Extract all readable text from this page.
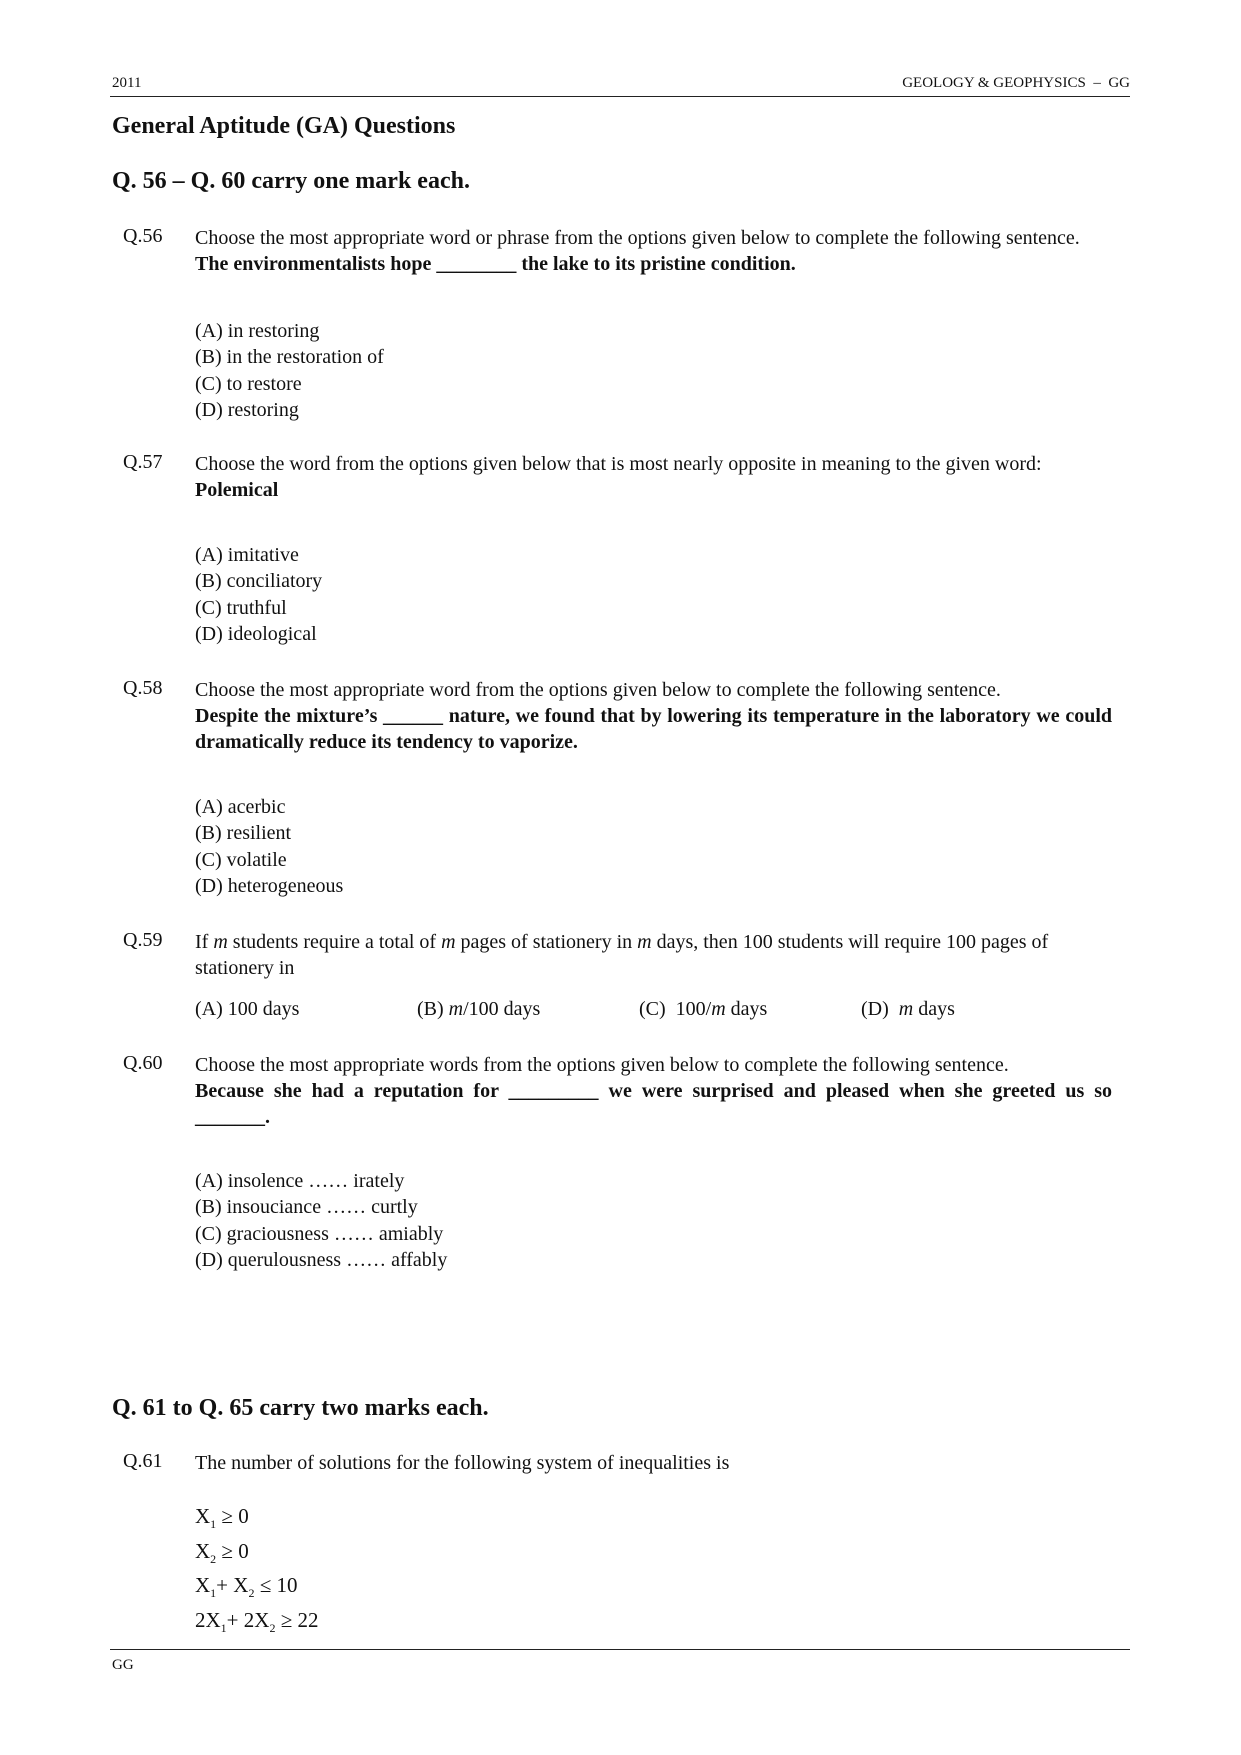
2011	GEOLOGY & GEOPHYSICS  –  GG
General Aptitude (GA) Questions
Q. 56 – Q. 60 carry one mark each.
Q.56 Choose the most appropriate word or phrase from the options given below to complete the following sentence.
The environmentalists hope ________ the lake to its pristine condition.
(A) in restoring
(B) in the restoration of
(C) to restore
(D) restoring
Q.57 Choose the word from the options given below that is most nearly opposite in meaning to the given word:
Polemical
(A) imitative
(B) conciliatory
(C) truthful
(D) ideological
Q.58 Choose the most appropriate word from the options given below to complete the following sentence.
Despite the mixture’s ______ nature, we found that by lowering its temperature in the laboratory we could dramatically reduce its tendency to vaporize.
(A) acerbic
(B) resilient
(C) volatile
(D) heterogeneous
Q.59 If m students require a total of m pages of stationery in m days, then 100 students will require 100 pages of stationery in
(A) 100 days	(B) m/100 days	(C)  100/m days	(D)  m days
Q.60 Choose the most appropriate words from the options given below to complete the following sentence.
Because she had a reputation for _________ we were surprised and pleased when she greeted us so _______.
(A) insolence …… irately
(B) insouciance …… curtly
(C) graciousness …… amiably
(D) querulousness …… affably
Q. 61 to Q. 65 carry two marks each.
Q.61 The number of solutions for the following system of inequalities is
$X_1 \ge 0$
$X_2 \ge 0$
$X_1+ X_2 \le 10$
$2X_1+ 2X_2 \ge 22$
GG
